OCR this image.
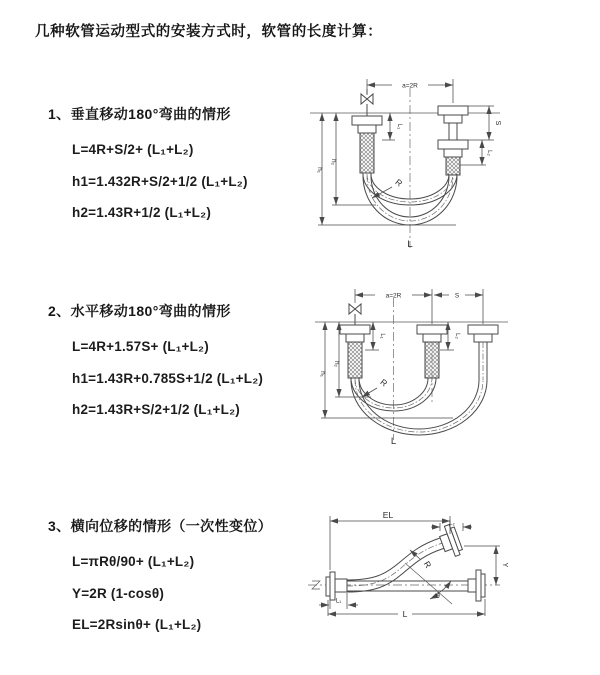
几种软管运动型式的安装方式时，软管的长度计算：
1、垂直移动180°弯曲的情形
L=4R+S/2+ (L₁+L₂)
h1=1.432R+S/2+1/2 (L₁+L₂)
h2=1.43R+1/2 (L₁+L₂)
2、水平移动180°弯曲的情形
L=4R+1.57S+ (L₁+L₂)
h1=1.43R+0.785S+1/2 (L₁+L₂)
h2=1.43R+S/2+1/2 (L₁+L₂)
3、横向位移的情形（一次性变位）
L=πRθ/90+ (L₁+L₂)
Y=2R (1-cosθ)
EL=2Rsinθ+ (L₁+L₂)
a=2R
L₁
S
L₂
h₁
h₂
R
L
a=2R	S
L₁	L₂
h₁
h₂
R
L
EL
L₂
Y
θ
R
L₁
L
